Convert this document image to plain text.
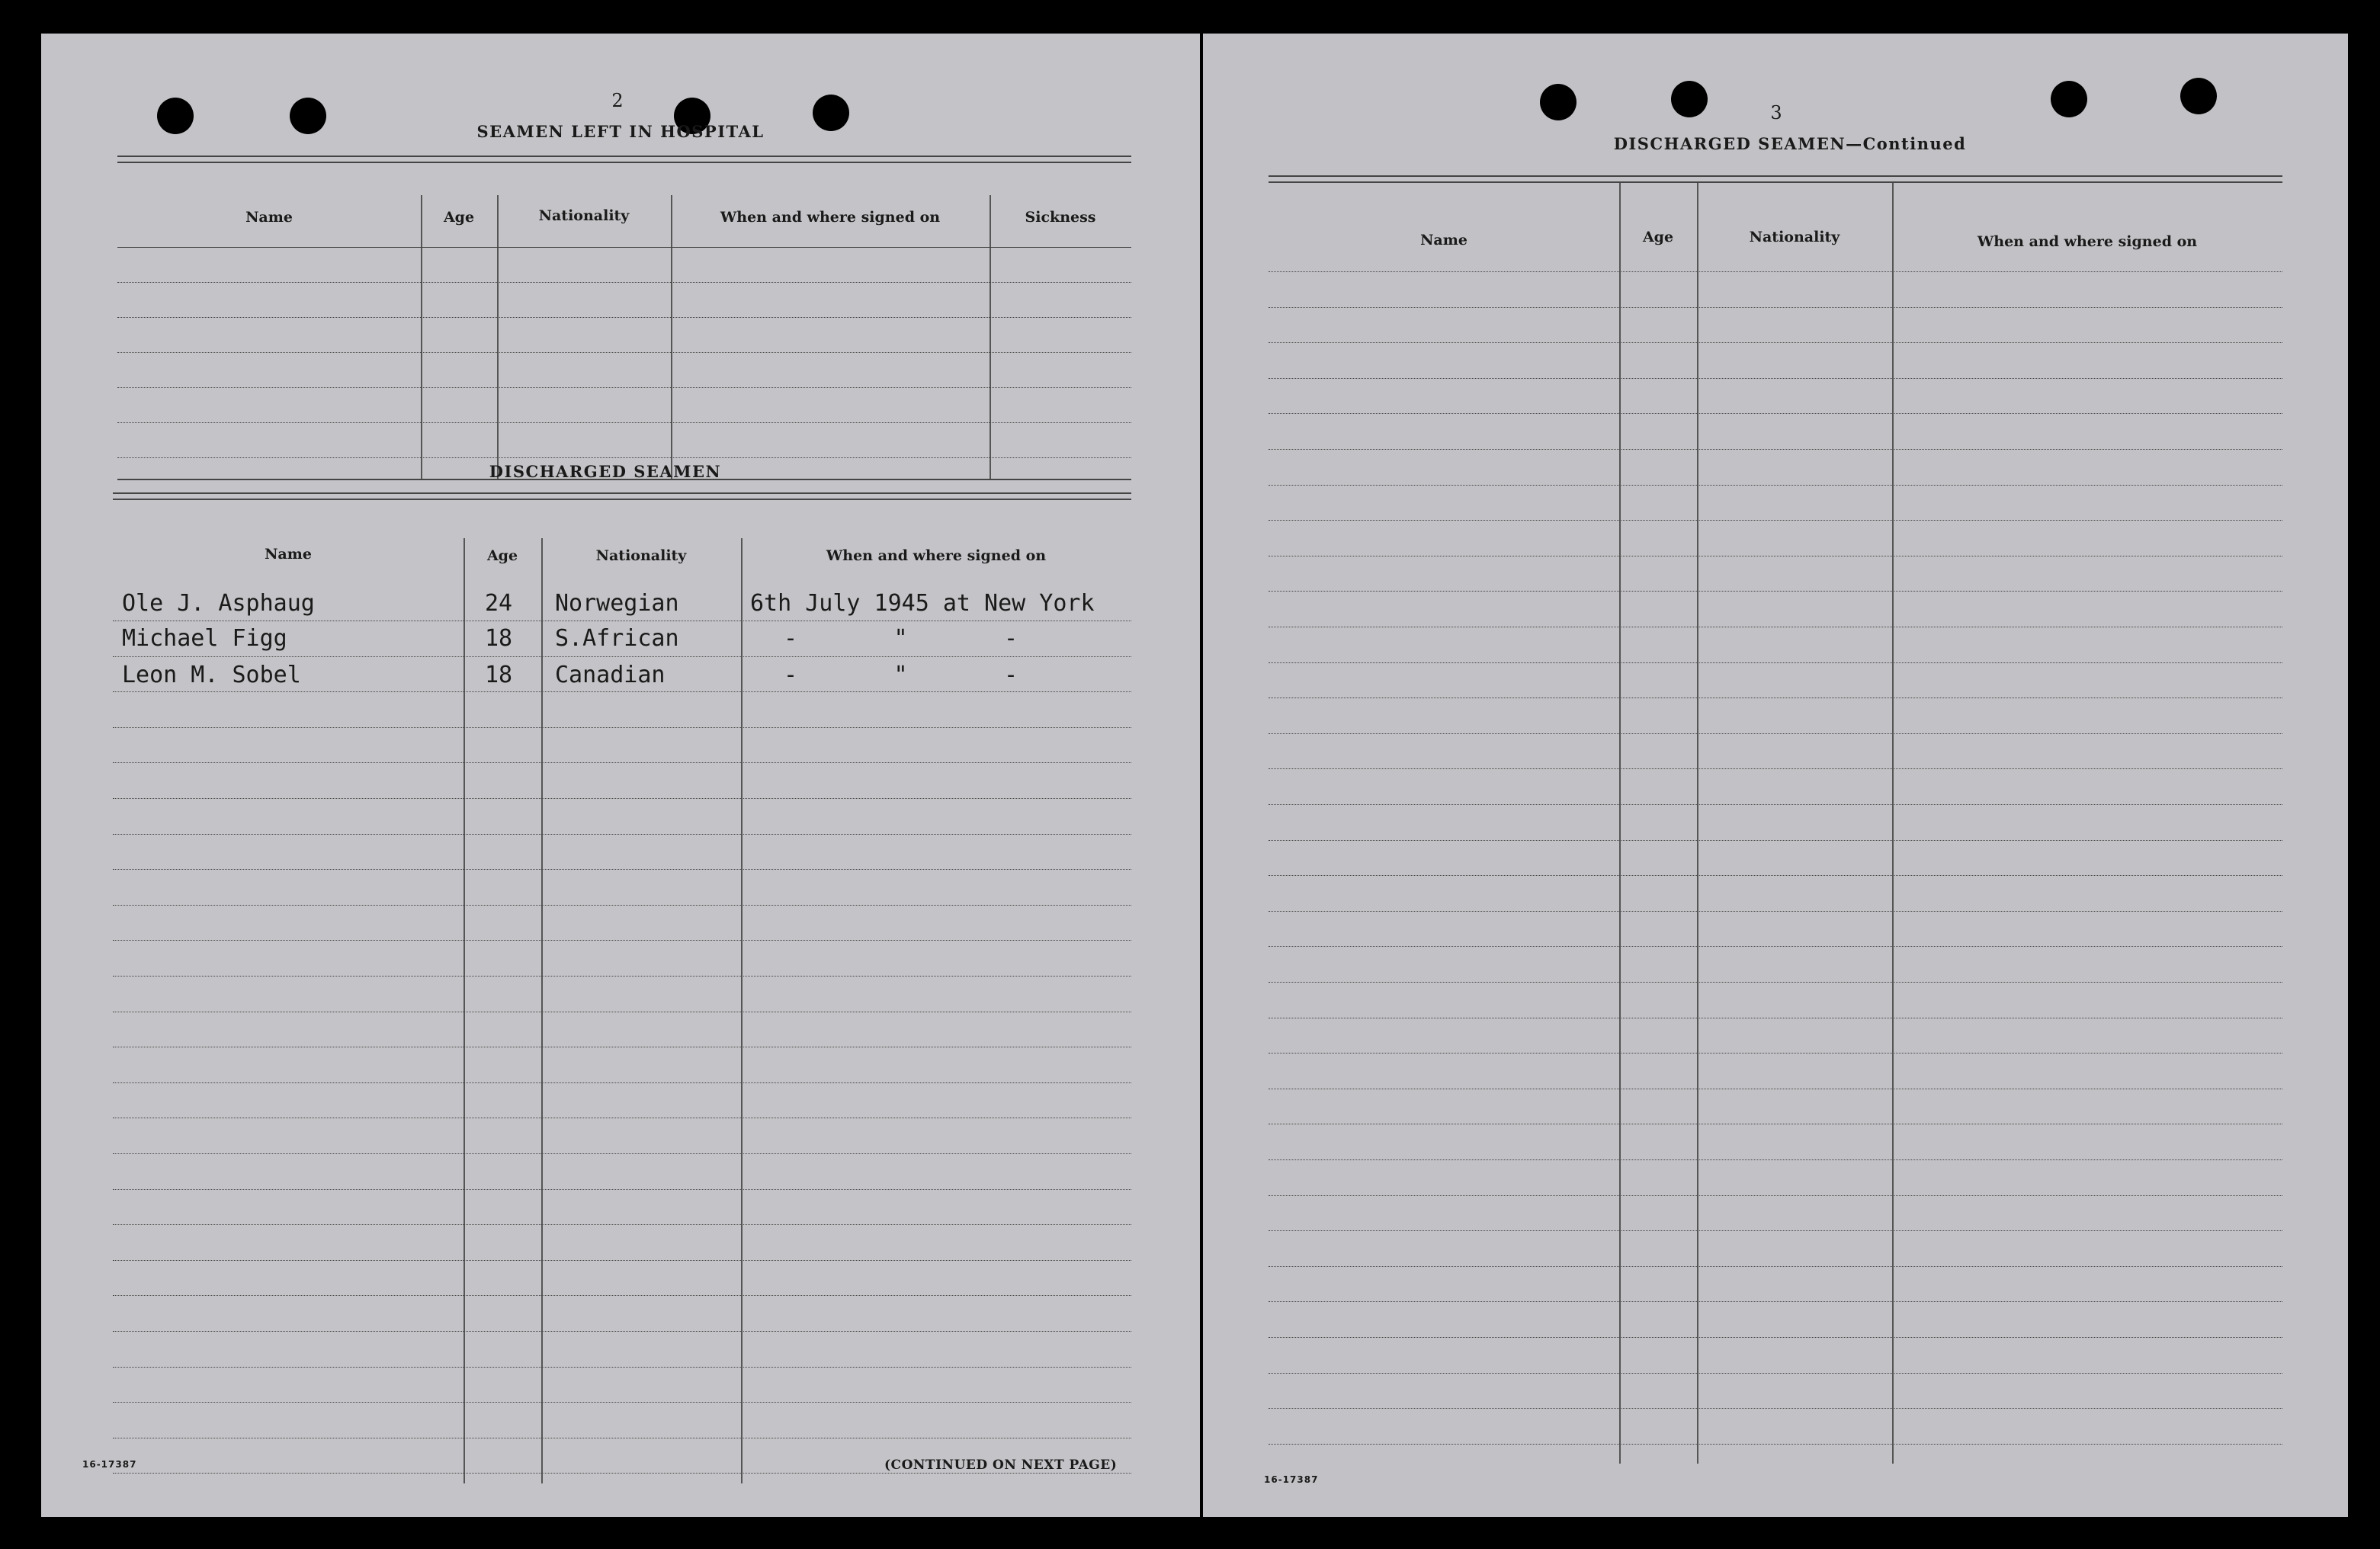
2
SEAMEN LEFT IN HOSPITAL
Name	Age	Nationality	When and where signed on	Sickness
DISCHARGED SEAMEN
Name	Age	Nationality	When and where signed on
Ole J. Asphaug	24 Norwegian	6th July 1945 at New York
Michael Figg	18 S.African	-       "       -
Leon M. Sobel	18 Canadian	-       "       -
16-17387	(CONTINUED ON NEXT PAGE)
3
DISCHARGED SEAMEN—Continued
Name	Age	Nationality	When and where signed on
16-17387
